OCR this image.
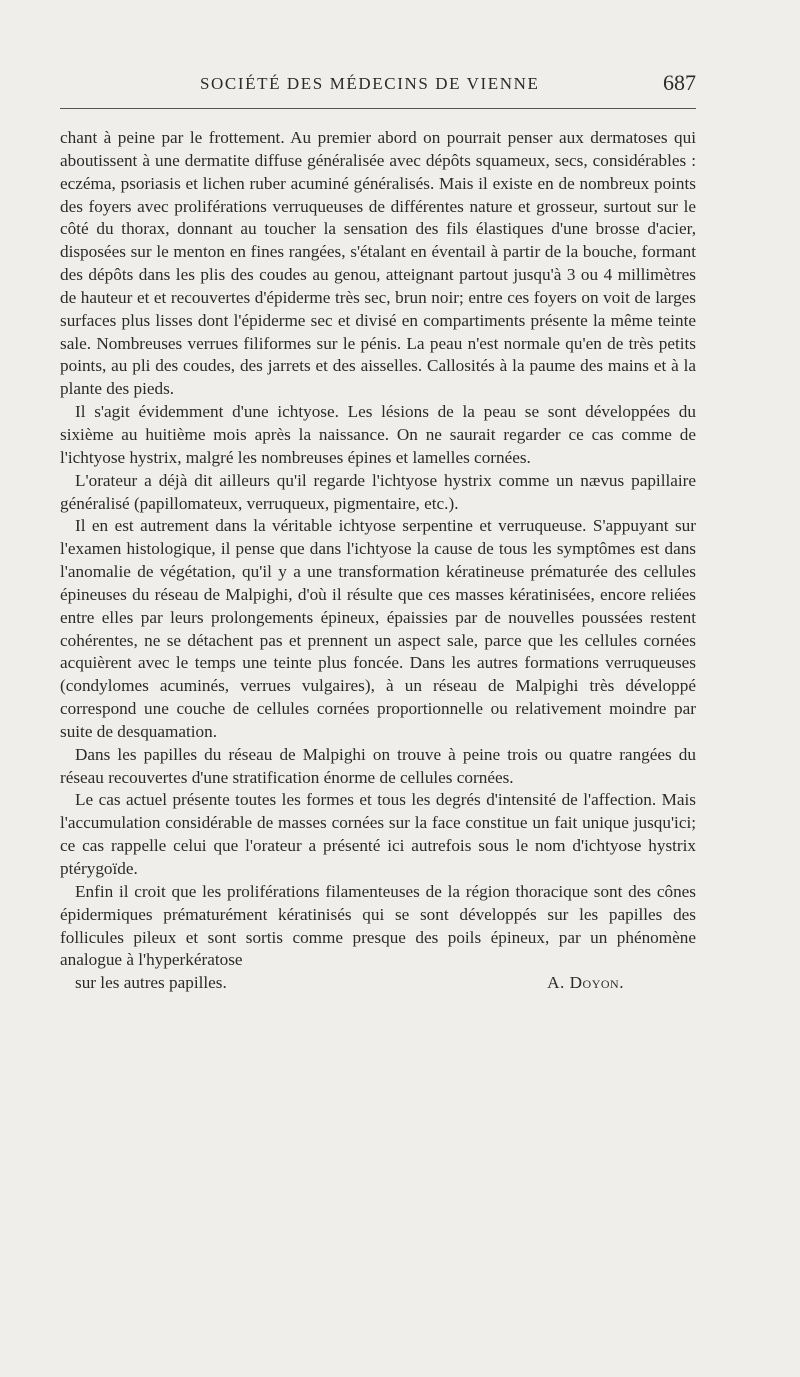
SOCIÉTÉ DES MÉDECINS DE VIENNE	687

chant à peine par le frottement. Au premier abord on pourrait penser aux dermatoses qui aboutissent à une dermatite diffuse généralisée avec dépôts squameux, secs, considérables : eczéma, psoriasis et lichen ruber acuminé généralisés. Mais il existe en de nombreux points des foyers avec proliférations verruqueuses de différentes nature et grosseur, surtout sur le côté du thorax, donnant au toucher la sensation des fils élastiques d'une brosse d'acier, disposées sur le menton en fines rangées, s'étalant en éventail à partir de la bouche, formant des dépôts dans les plis des coudes au genou, atteignant partout jusqu'à 3 ou 4 millimètres de hauteur et et recouvertes d'épiderme très sec, brun noir; entre ces foyers on voit de larges surfaces plus lisses dont l'épiderme sec et divisé en compartiments présente la même teinte sale. Nombreuses verrues filiformes sur le pénis. La peau n'est normale qu'en de très petits points, au pli des coudes, des jarrets et des aisselles. Callosités à la paume des mains et à la plante des pieds.

Il s'agit évidemment d'une ichtyose. Les lésions de la peau se sont développées du sixième au huitième mois après la naissance. On ne saurait regarder ce cas comme de l'ichtyose hystrix, malgré les nombreuses épines et lamelles cornées.

L'orateur a déjà dit ailleurs qu'il regarde l'ichtyose hystrix comme un nævus papillaire généralisé (papillomateux, verruqueux, pigmentaire, etc.).

Il en est autrement dans la véritable ichtyose serpentine et verruqueuse. S'appuyant sur l'examen histologique, il pense que dans l'ichtyose la cause de tous les symptômes est dans l'anomalie de végétation, qu'il y a une transformation kératineuse prématurée des cellules épineuses du réseau de Malpighi, d'où il résulte que ces masses kératinisées, encore reliées entre elles par leurs prolongements épineux, épaissies par de nouvelles poussées restent cohérentes, ne se détachent pas et prennent un aspect sale, parce que les cellules cornées acquièrent avec le temps une teinte plus foncée. Dans les autres formations verruqueuses (condylomes acuminés, verrues vulgaires), à un réseau de Malpighi très développé correspond une couche de cellules cornées proportionnelle ou relativement moindre par suite de desquamation.

Dans les papilles du réseau de Malpighi on trouve à peine trois ou quatre rangées du réseau recouvertes d'une stratification énorme de cellules cornées.

Le cas actuel présente toutes les formes et tous les degrés d'intensité de l'affection. Mais l'accumulation considérable de masses cornées sur la face constitue un fait unique jusqu'ici; ce cas rappelle celui que l'orateur a présenté ici autrefois sous le nom d'ichtyose hystrix ptérygoïde.

Enfin il croit que les proliférations filamenteuses de la région thoracique sont des cônes épidermiques prématurément kératinisés qui se sont développés sur les papilles des follicules pileux et sont sortis comme presque des poils épineux, par un phénomène analogue à l'hyperkératose

sur les autres papilles.	A. Doyon.
